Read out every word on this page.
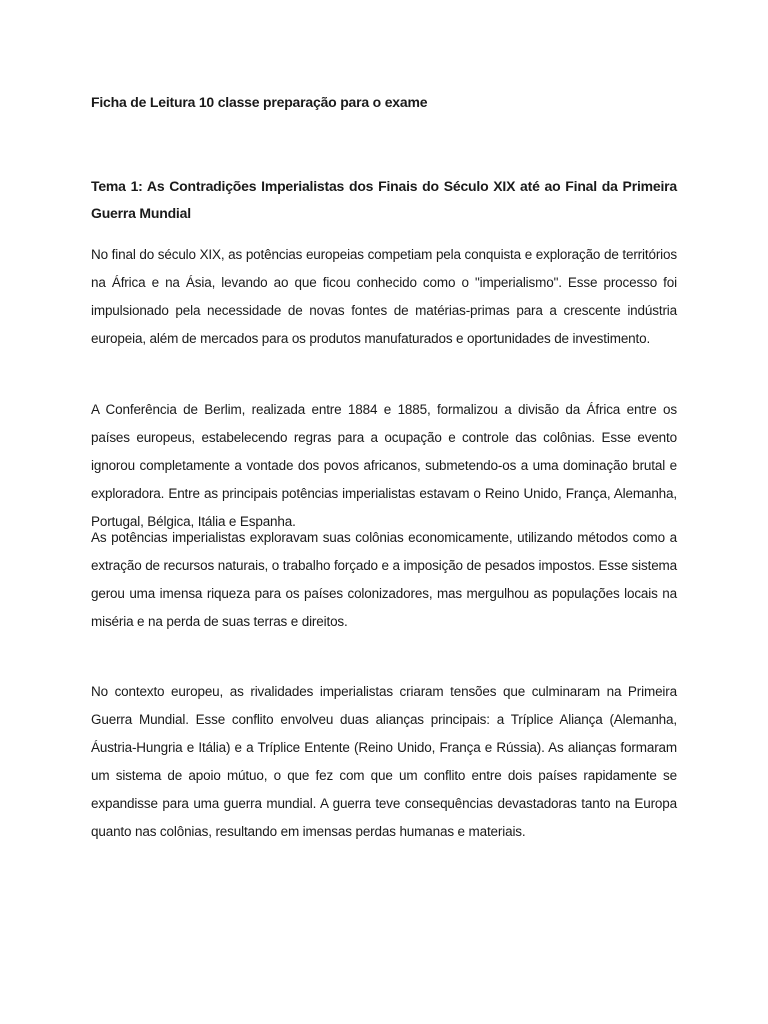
Ficha de Leitura 10 classe preparação para o exame
Tema 1: As Contradições Imperialistas dos Finais do Século XIX até ao Final da Primeira Guerra Mundial

No final do século XIX, as potências europeias competiam pela conquista e exploração de territórios na África e na Ásia, levando ao que ficou conhecido como o "imperialismo". Esse processo foi impulsionado pela necessidade de novas fontes de matérias-primas para a crescente indústria europeia, além de mercados para os produtos manufaturados e oportunidades de investimento.

A Conferência de Berlim, realizada entre 1884 e 1885, formalizou a divisão da África entre os países europeus, estabelecendo regras para a ocupação e controle das colônias. Esse evento ignorou completamente a vontade dos povos africanos, submetendo-os a uma dominação brutal e exploradora. Entre as principais potências imperialistas estavam o Reino Unido, França, Alemanha, Portugal, Bélgica, Itália e Espanha.

As potências imperialistas exploravam suas colônias economicamente, utilizando métodos como a extração de recursos naturais, o trabalho forçado e a imposição de pesados impostos. Esse sistema gerou uma imensa riqueza para os países colonizadores, mas mergulhou as populações locais na miséria e na perda de suas terras e direitos.

No contexto europeu, as rivalidades imperialistas criaram tensões que culminaram na Primeira Guerra Mundial. Esse conflito envolveu duas alianças principais: a Tríplice Aliança (Alemanha, Áustria-Hungria e Itália) e a Tríplice Entente (Reino Unido, França e Rússia). As alianças formaram um sistema de apoio mútuo, o que fez com que um conflito entre dois países rapidamente se expandisse para uma guerra mundial. A guerra teve consequências devastadoras tanto na Europa quanto nas colônias, resultando em imensas perdas humanas e materiais.
